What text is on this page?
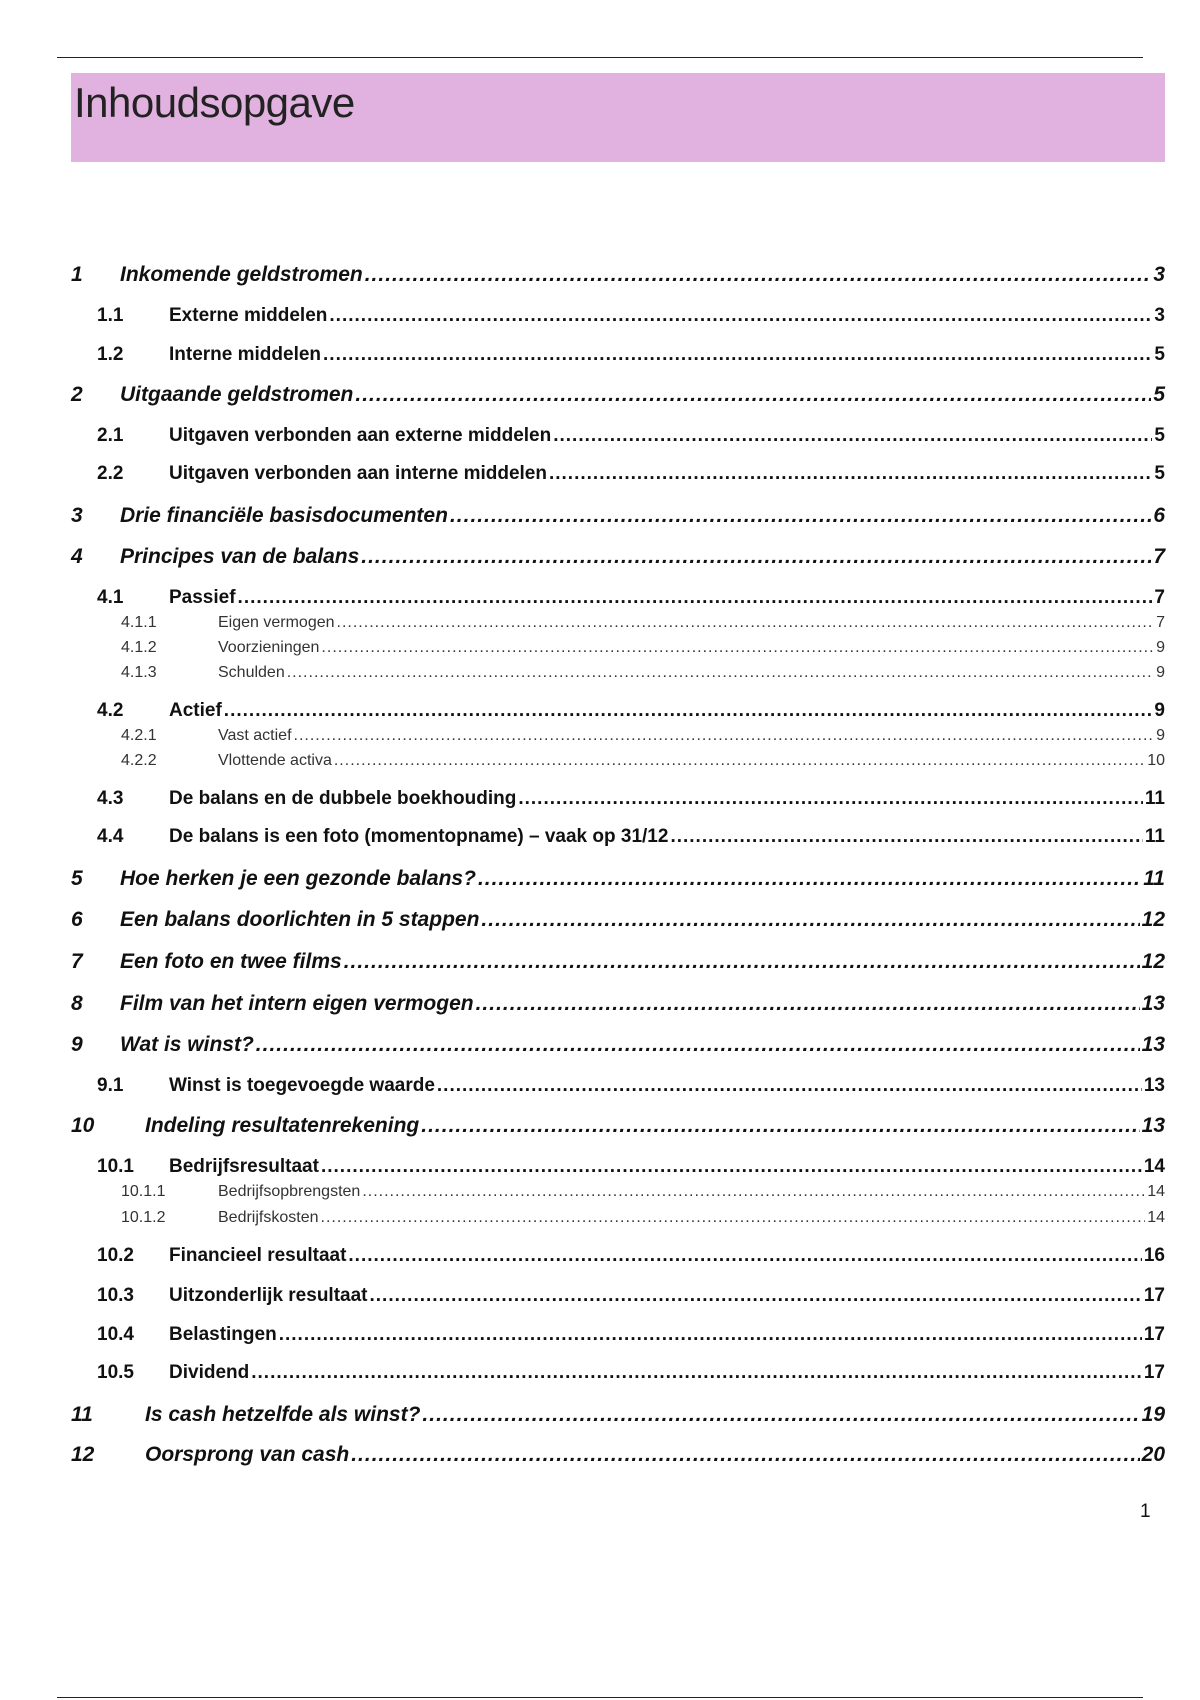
Inhoudsopgave
1	Inkomende geldstromen .....	3
1.1	Externe middelen .....	3
1.2	Interne middelen .....	5
2	Uitgaande geldstromen .....	5
2.1	Uitgaven verbonden aan externe middelen .....	5
2.2	Uitgaven verbonden aan interne middelen .....	5
3	Drie financiële basisdocumenten .....	6
4	Principes van de balans .....	7
4.1	Passief .....	7
4.1.1	Eigen vermogen .....	7
4.1.2	Voorzieningen .....	9
4.1.3	Schulden .....	9
4.2	Actief .....	9
4.2.1	Vast actief .....	9
4.2.2	Vlottende activa .....	10
4.3	De balans en de dubbele boekhouding .....	11
4.4	De balans is een foto (momentopname) – vaak op 31/12 .....	11
5	Hoe herken je een gezonde balans? .....	11
6	Een balans doorlichten in 5 stappen .....	12
7	Een foto en twee films .....	12
8	Film van het intern eigen vermogen .....	13
9	Wat is winst? .....	13
9.1	Winst is toegevoegde waarde .....	13
10	Indeling resultatenrekening .....	13
10.1	Bedrijfsresultaat .....	14
10.1.1	Bedrijfsopbrengsten .....	14
10.1.2	Bedrijfskosten .....	14
10.2	Financieel resultaat .....	16
10.3	Uitzonderlijk resultaat .....	17
10.4	Belastingen .....	17
10.5	Dividend .....	17
11	Is cash hetzelfde als winst? .....	19
12	Oorsprong van cash .....	20
1
